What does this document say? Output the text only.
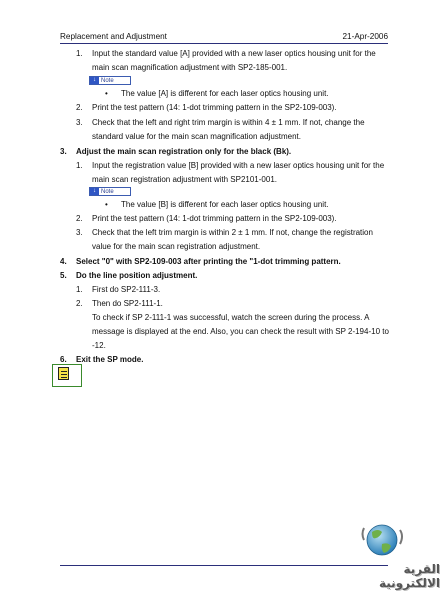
Replacement and Adjustment	21-Apr-2006
1. Input the standard value [A] provided with a new laser optics housing unit for the
main scan magnification adjustment with SP2-185-001.
↓ Note
• The value [A] is different for each laser optics housing unit.
2. Print the test pattern (14: 1-dot trimming pattern in the SP2-109-003).
3. Check that the left and right trim margin is within 4 ± 1 mm. If not, change the
standard value for the main scan magnification adjustment.
3. Adjust the main scan registration only for the black (Bk).
1. Input the registration value [B] provided with a new laser optics housing unit for the
main scan registration adjustment with SP2101-001.
↓ Note
• The value [B] is different for each laser optics housing unit.
2. Print the test pattern (14: 1-dot trimming pattern in the SP2-109-003).
3. Check that the left trim margin is within 2 ± 1 mm. If not, change the registration
value for the main scan registration adjustment.
4. Select "0" with SP2-109-003 after printing the "1-dot trimming pattern.
5. Do the line position adjustment.
1. First do SP2-111-3.
2. Then do SP2-111-1.
To check if SP 2-111-1 was successful, watch the screen during the process. A
message is displayed at the end. Also, you can check the result with SP 2-194-10 to
-12.
6. Exit the SP mode.
القرية الالكترونية
